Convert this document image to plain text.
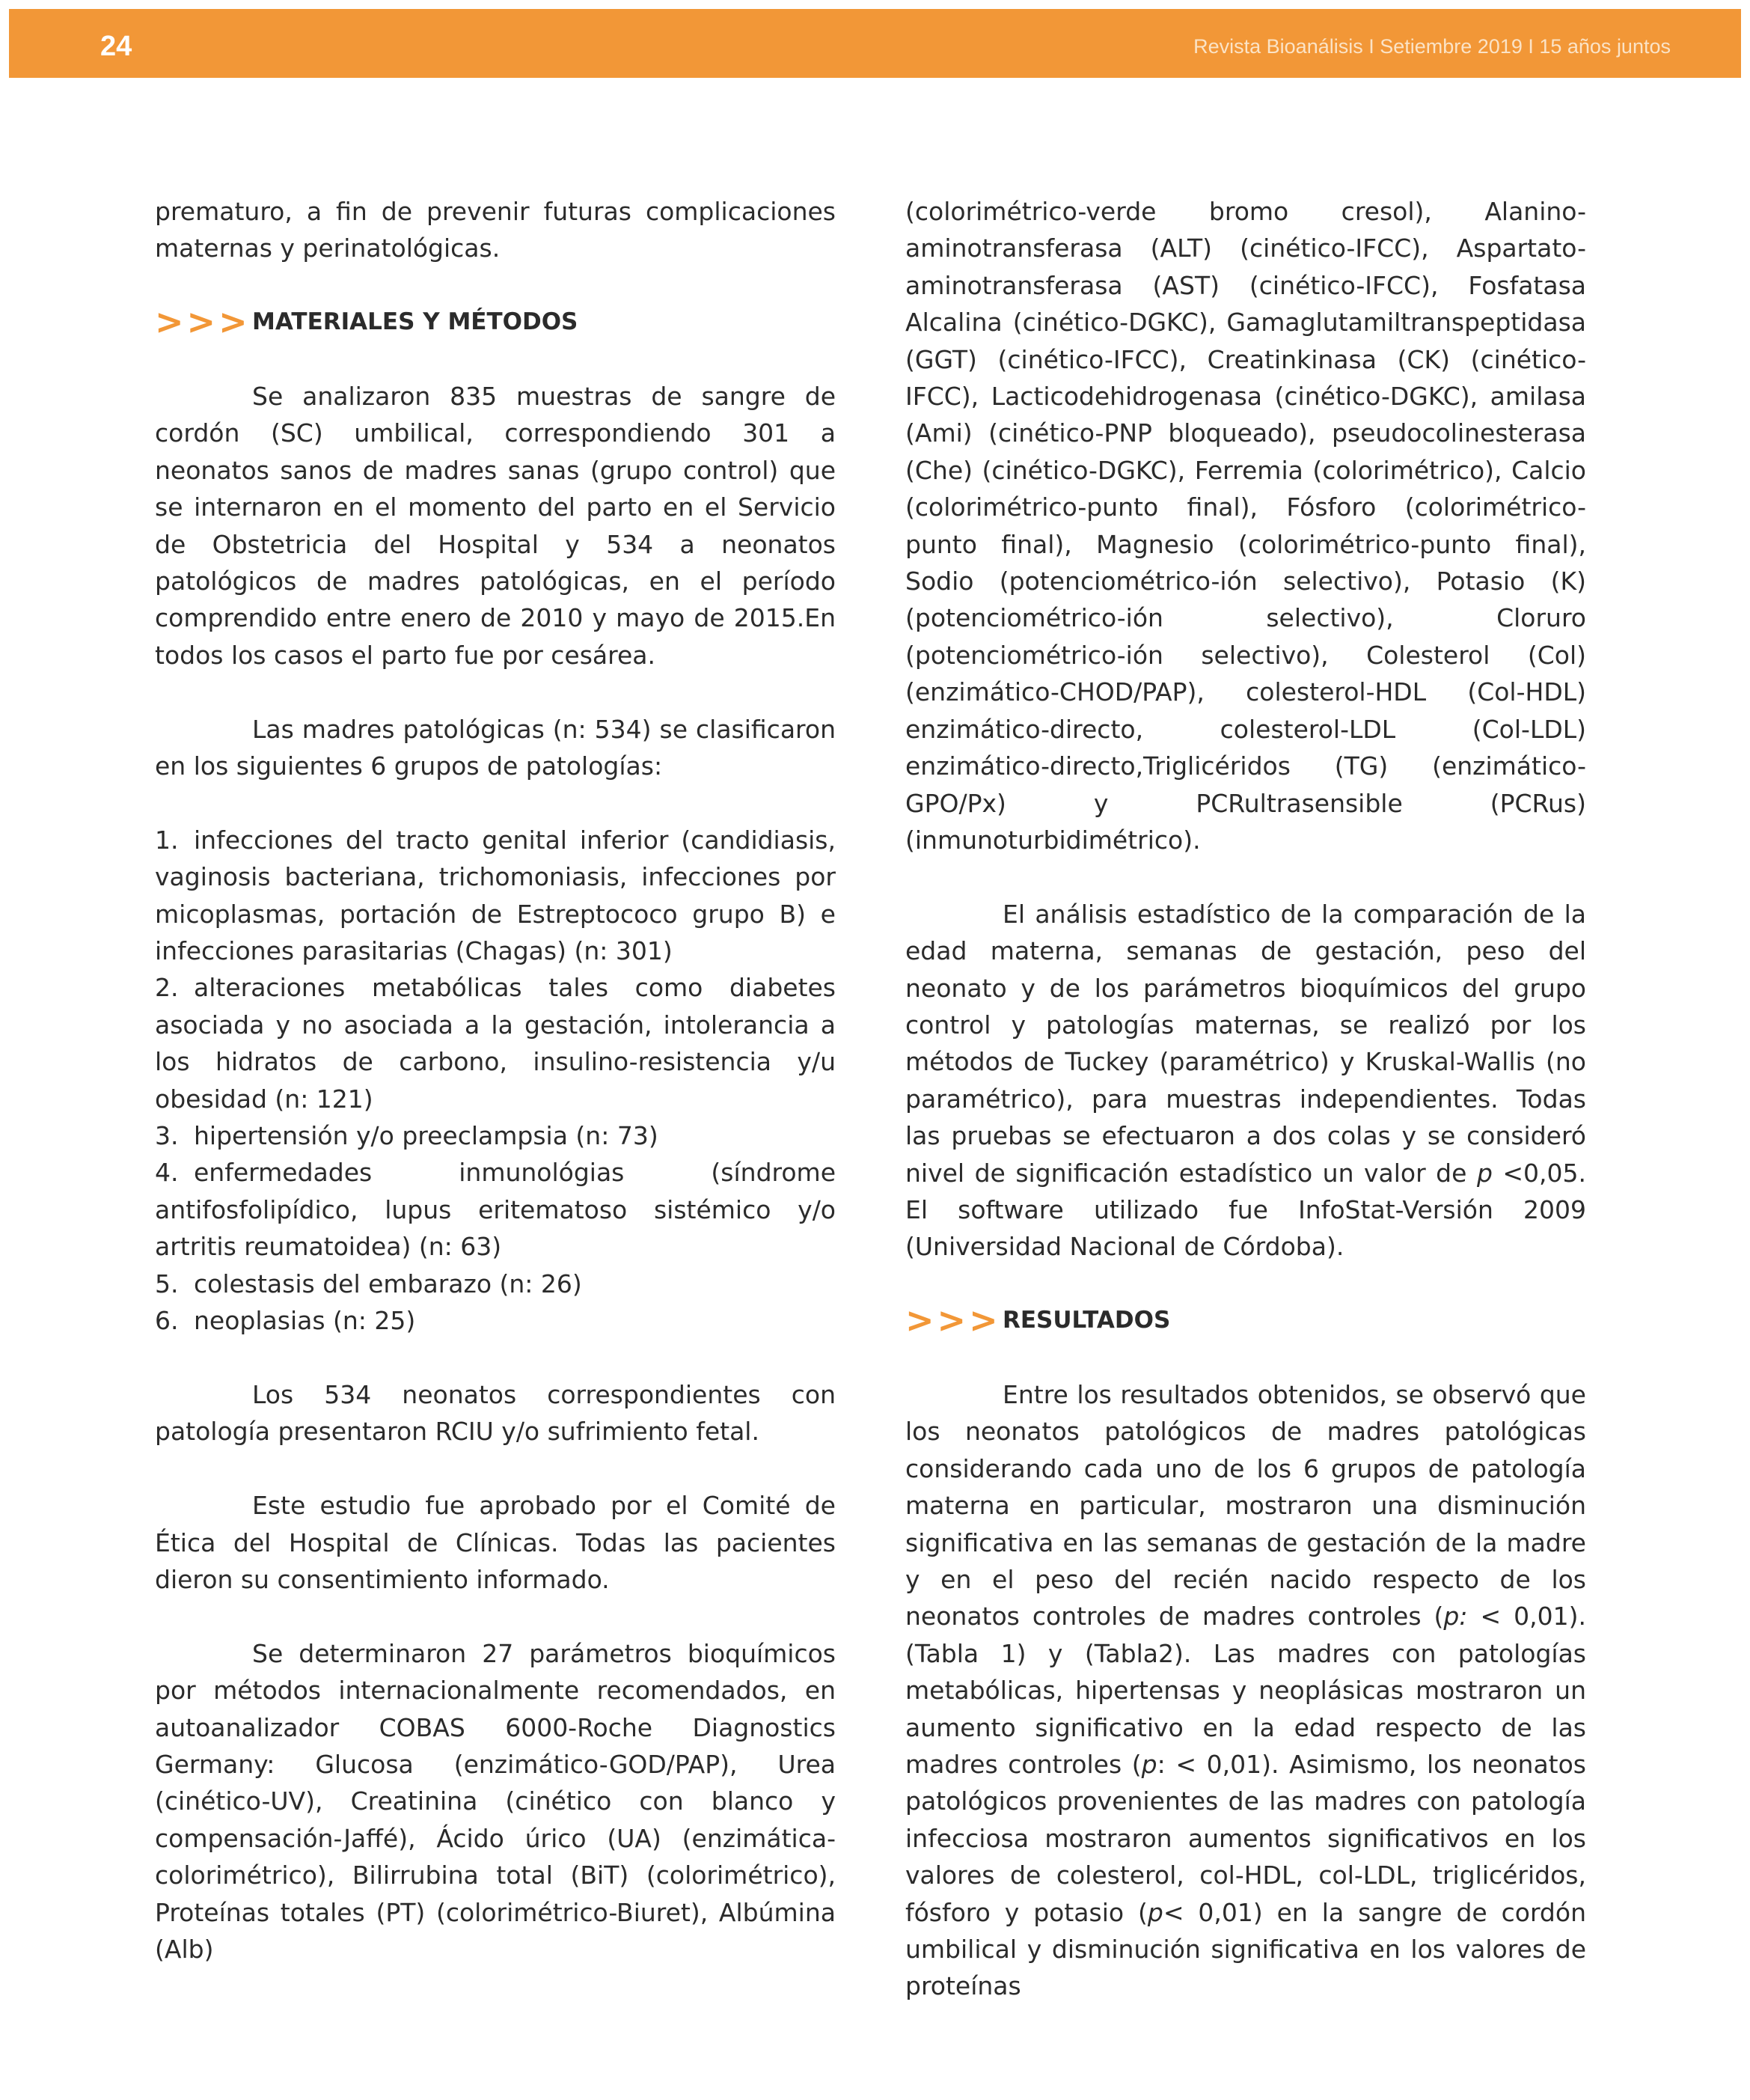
24	Revista Bioanálisis I Setiembre 2019 I 15 años juntos

prematuro, a fin de prevenir futuras complicaciones maternas y perinatológicas.

>>> MATERIALES Y MÉTODOS

Se analizaron 835 muestras de sangre de cordón (SC) umbilical, correspondiendo 301 a neonatos sanos de madres sanas (grupo control) que se internaron en el momento del parto en el Servicio de Obstetricia del Hospital y 534 a neonatos patológicos de madres patológicas, en el período comprendido entre enero de 2010 y mayo de 2015.En todos los casos el parto fue por cesárea.

Las madres patológicas (n: 534) se clasificaron en los siguientes 6 grupos de patologías:

1. infecciones del tracto genital inferior (candidiasis, vaginosis bacteriana, trichomoniasis, infecciones por micoplasmas, portación de Estreptococo grupo B) e infecciones parasitarias (Chagas) (n: 301)

2. alteraciones metabólicas tales como diabetes asociada y no asociada a la gestación, intolerancia a los hidratos de carbono, insulino-resistencia y/u obesidad (n: 121)

3. hipertensión y/o preeclampsia (n: 73)

4. enfermedades inmunológias (síndrome antifosfolipídico, lupus eritematoso sistémico y/o artritis reumatoidea) (n: 63)

5. colestasis del embarazo (n: 26)

6. neoplasias (n: 25)

Los 534 neonatos correspondientes con patología presentaron RCIU y/o sufrimiento fetal.

Este estudio fue aprobado por el Comité de Ética del Hospital de Clínicas. Todas las pacientes dieron su consentimiento informado.

Se determinaron 27 parámetros bioquímicos por métodos internacionalmente recomendados, en autoanalizador COBAS 6000-Roche Diagnostics Germany: Glucosa (enzimático-GOD/PAP), Urea (cinético-UV), Creatinina (cinético con blanco y compensación-Jaffé), Ácido úrico (UA) (enzimática-colorimétrico), Bilirrubina total (BiT) (colorimétrico), Proteínas totales (PT) (colorimétrico-Biuret), Albúmina (Alb)

(colorimétrico-verde bromo cresol), Alanino-aminotransferasa (ALT) (cinético-IFCC), Aspartato-aminotransferasa (AST) (cinético-IFCC), Fosfatasa Alcalina (cinético-DGKC), Gamaglutamiltranspeptidasa (GGT) (cinético-IFCC), Creatinkinasa (CK) (cinético-IFCC), Lacticodehidrogenasa (cinético-DGKC), amilasa (Ami) (cinético-PNP bloqueado), pseudocolinesterasa (Che) (cinético-DGKC), Ferremia (colorimétrico), Calcio (colorimétrico-punto final), Fósforo (colorimétrico-punto final), Magnesio (colorimétrico-punto final), Sodio (potenciométrico-ión selectivo), Potasio (K) (potenciométrico-ión selectivo), Cloruro (potenciométrico-ión selectivo), Colesterol (Col) (enzimático-CHOD/PAP), colesterol-HDL (Col-HDL) enzimático-directo, colesterol-LDL (Col-LDL) enzimático-directo,Triglicéridos (TG) (enzimático-GPO/Px) y PCRultrasensible (PCRus) (inmunoturbidimétrico).

El análisis estadístico de la comparación de la edad materna, semanas de gestación, peso del neonato y de los parámetros bioquímicos del grupo control y patologías maternas, se realizó por los métodos de Tuckey (paramétrico) y Kruskal-Wallis (no paramétrico), para muestras independientes. Todas las pruebas se efectuaron a dos colas y se consideró nivel de significación estadístico un valor de p <0,05. El software utilizado fue InfoStat-Versión 2009 (Universidad Nacional de Córdoba).

>>> RESULTADOS

Entre los resultados obtenidos, se observó que los neonatos patológicos de madres patológicas considerando cada uno de los 6 grupos de patología materna en particular, mostraron una disminución significativa en las semanas de gestación de la madre y en el peso del recién nacido respecto de los neonatos controles de madres controles (p: < 0,01). (Tabla 1) y (Tabla2). Las madres con patologías metabólicas, hipertensas y neoplásicas mostraron un aumento significativo en la edad respecto de las madres controles (p: < 0,01). Asimismo, los neonatos patológicos provenientes de las madres con patología infecciosa mostraron aumentos significativos en los valores de colesterol, col-HDL, col-LDL, triglicéridos, fósforo y potasio (p< 0,01) en la sangre de cordón umbilical y disminución significativa en los valores de proteínas
